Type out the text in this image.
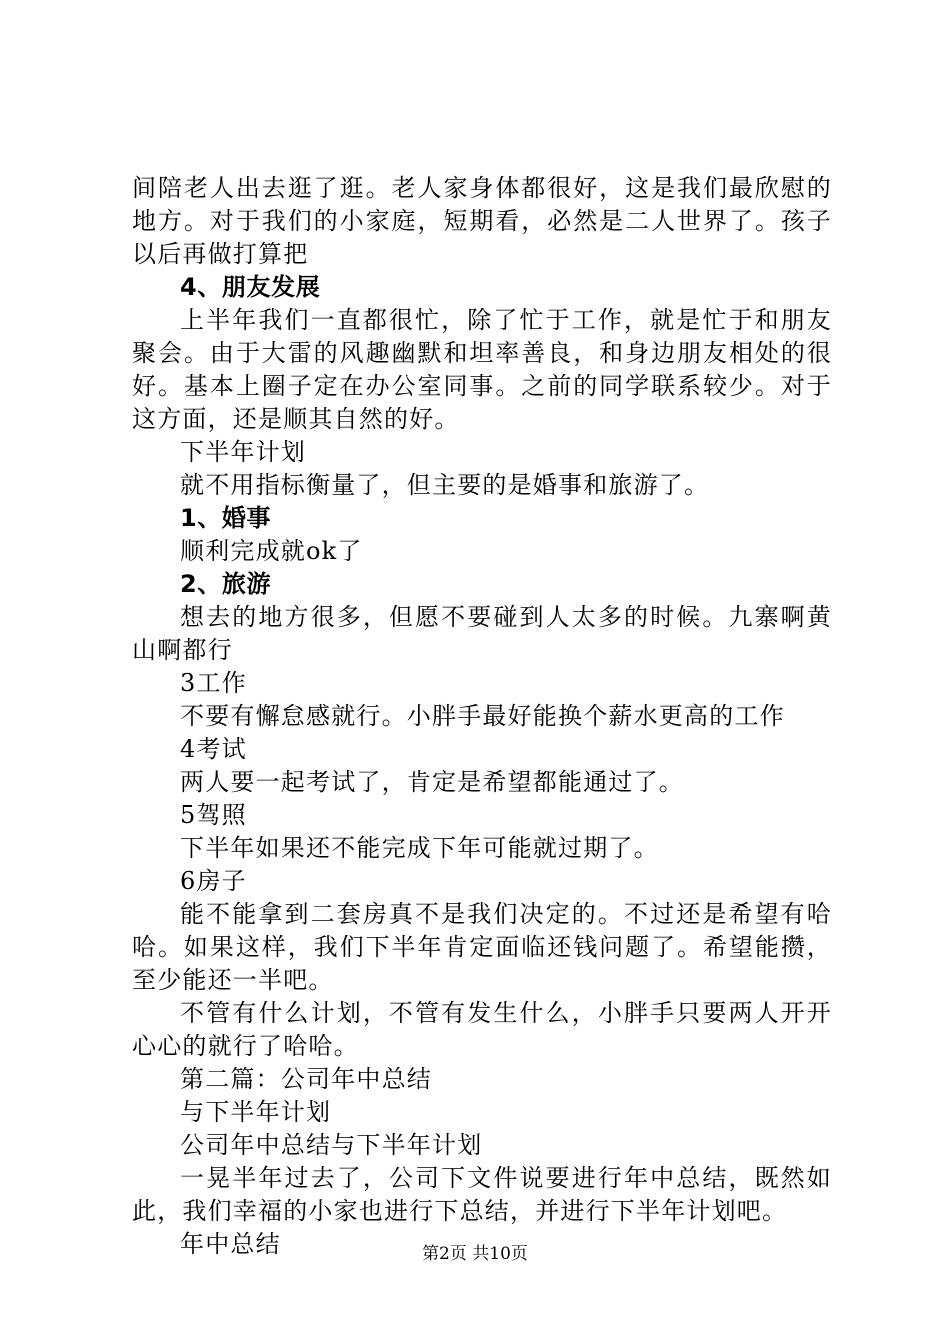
间陪老人出去逛了逛。老人家身体都很好，这是我们最欣慰的地方。对于我们的小家庭，短期看，必然是二人世界了。孩子以后再做打算把

4、朋友发展

上半年我们一直都很忙，除了忙于工作，就是忙于和朋友聚会。由于大雷的风趣幽默和坦率善良，和身边朋友相处的很好。基本上圈子定在办公室同事。之前的同学联系较少。对于这方面，还是顺其自然的好。

下半年计划

就不用指标衡量了，但主要的是婚事和旅游了。

1、婚事

顺利完成就ok了

2、旅游

想去的地方很多，但愿不要碰到人太多的时候。九寨啊黄山啊都行

3工作

不要有懈怠感就行。小胖手最好能换个薪水更高的工作

4考试

两人要一起考试了，肯定是希望都能通过了。

5驾照

下半年如果还不能完成下年可能就过期了。

6房子

能不能拿到二套房真不是我们决定的。不过还是希望有哈哈。如果这样，我们下半年肯定面临还钱问题了。希望能攒，至少能还一半吧。

不管有什么计划，不管有发生什么，小胖手只要两人开开心心的就行了哈哈。

第二篇：公司年中总结

与下半年计划

公司年中总结与下半年计划

一晃半年过去了，公司下文件说要进行年中总结，既然如此，我们幸福的小家也进行下总结，并进行下半年计划吧。

年中总结	第2页 共10页
